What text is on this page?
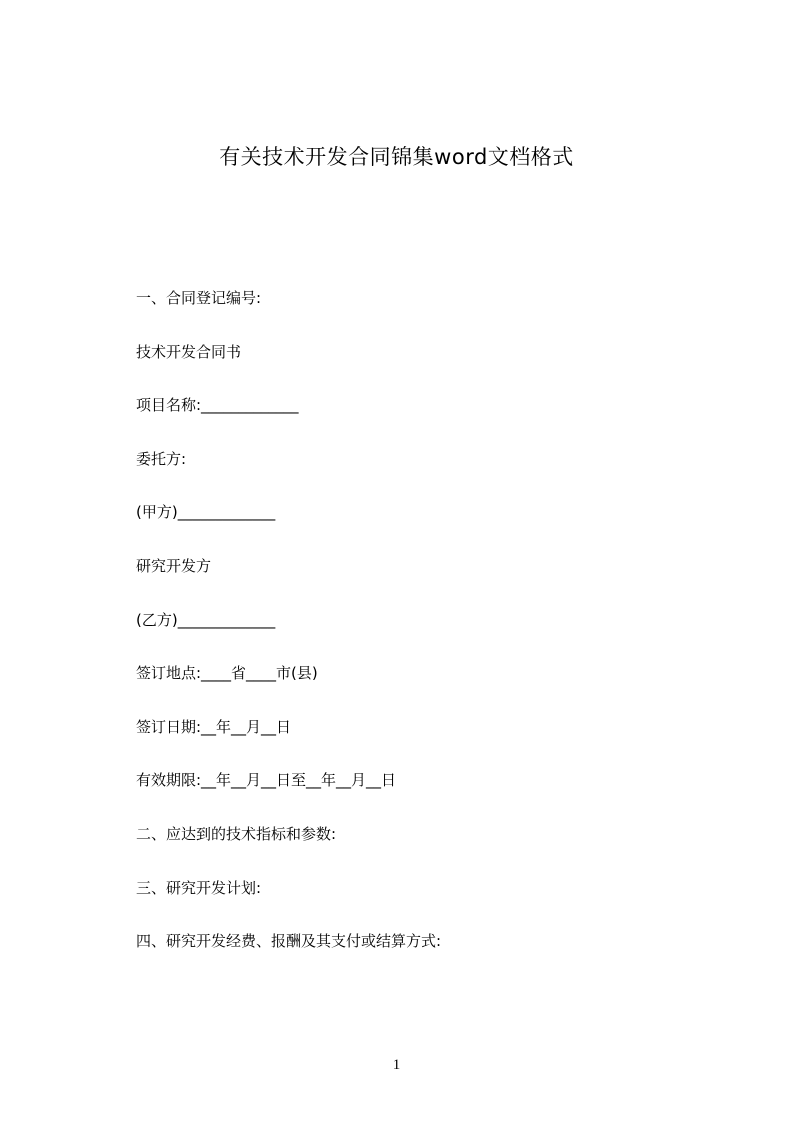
有关技术开发合同锦集word文档格式
一、合同登记编号:
技术开发合同书
项目名称:_____________
委托方:
(甲方)_____________
研究开发方
(乙方)_____________
签订地点:____省____市(县)
签订日期:__年__月__日
有效期限:__年__月__日至__年__月__日
二、应达到的技术指标和参数:
三、研究开发计划:
四、研究开发经费、报酬及其支付或结算方式:
1
